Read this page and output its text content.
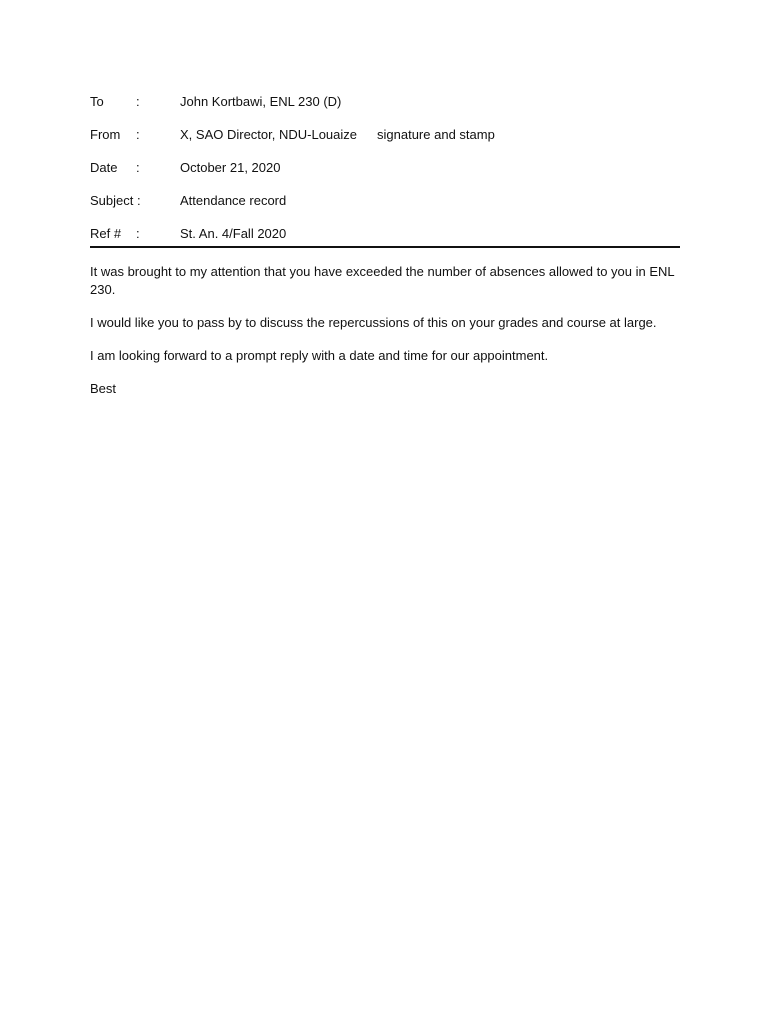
To :	John Kortbawi, ENL 230 (D)
From :	X, SAO Director, NDU-Louaize signature and stamp
Date :	October 21, 2020
Subject :	Attendance record
Ref # :	St. An. 4/Fall 2020

It was brought to my attention that you have exceeded the number of absences allowed to you in ENL 230.

I would like you to pass by to discuss the repercussions of this on your grades and course at large.

I am looking forward to a prompt reply with a date and time for our appointment.

Best
